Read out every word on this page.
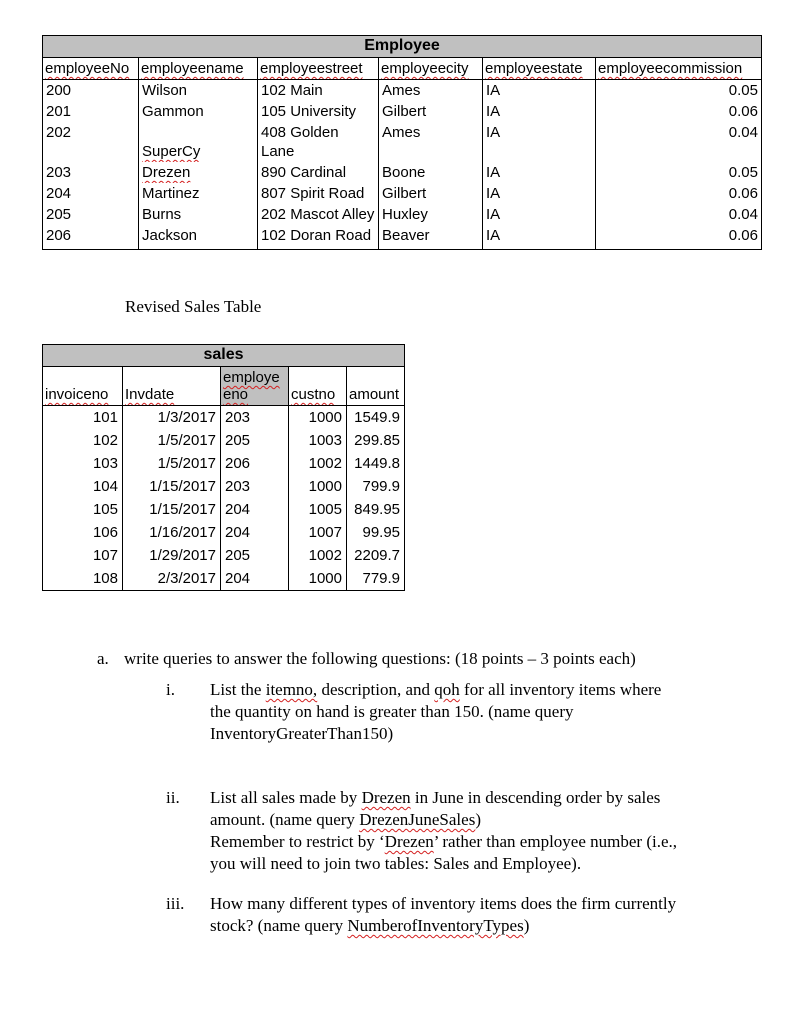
Employee					
employeeNo	employeename	employeestreet	employeecity	employeestate	employeecommission
200	Wilson	102 Main	Ames	IA	0.05
201	Gammon	105 University	Gilbert	IA	0.06
202	SuperCy	408 Golden Lane	Ames	IA	0.04
203	Drezen	890 Cardinal	Boone	IA	0.05
204	Martinez	807 Spirit Road	Gilbert	IA	0.06
205	Burns	202 Mascot Alley	Huxley	IA	0.04
206	Jackson	102 Doran Road	Beaver	IA	0.06
Revised Sales Table
sales				
invoiceno	Invdate	employeeno	custno	amount
101	1/3/2017	203	1000	1549.9
102	1/5/2017	205	1003	299.85
103	1/5/2017	206	1002	1449.8
104	1/15/2017	203	1000	799.9
105	1/15/2017	204	1005	849.95
106	1/16/2017	204	1007	99.95
107	1/29/2017	205	1002	2209.7
108	2/3/2017	204	1000	779.9
a. write queries to answer the following questions: (18 points – 3 points each)
i.	List the itemno, description, and qoh for all inventory items where the quantity on hand is greater than 150. (name query InventoryGreaterThan150)
ii.	List all sales made by Drezen in June in descending order by sales amount. (name query DrezenJuneSales)
Remember to restrict by ‘Drezen’ rather than employee number (i.e., you will need to join two tables: Sales and Employee).
iii.	How many different types of inventory items does the firm currently stock? (name query NumberofInventoryTypes)
